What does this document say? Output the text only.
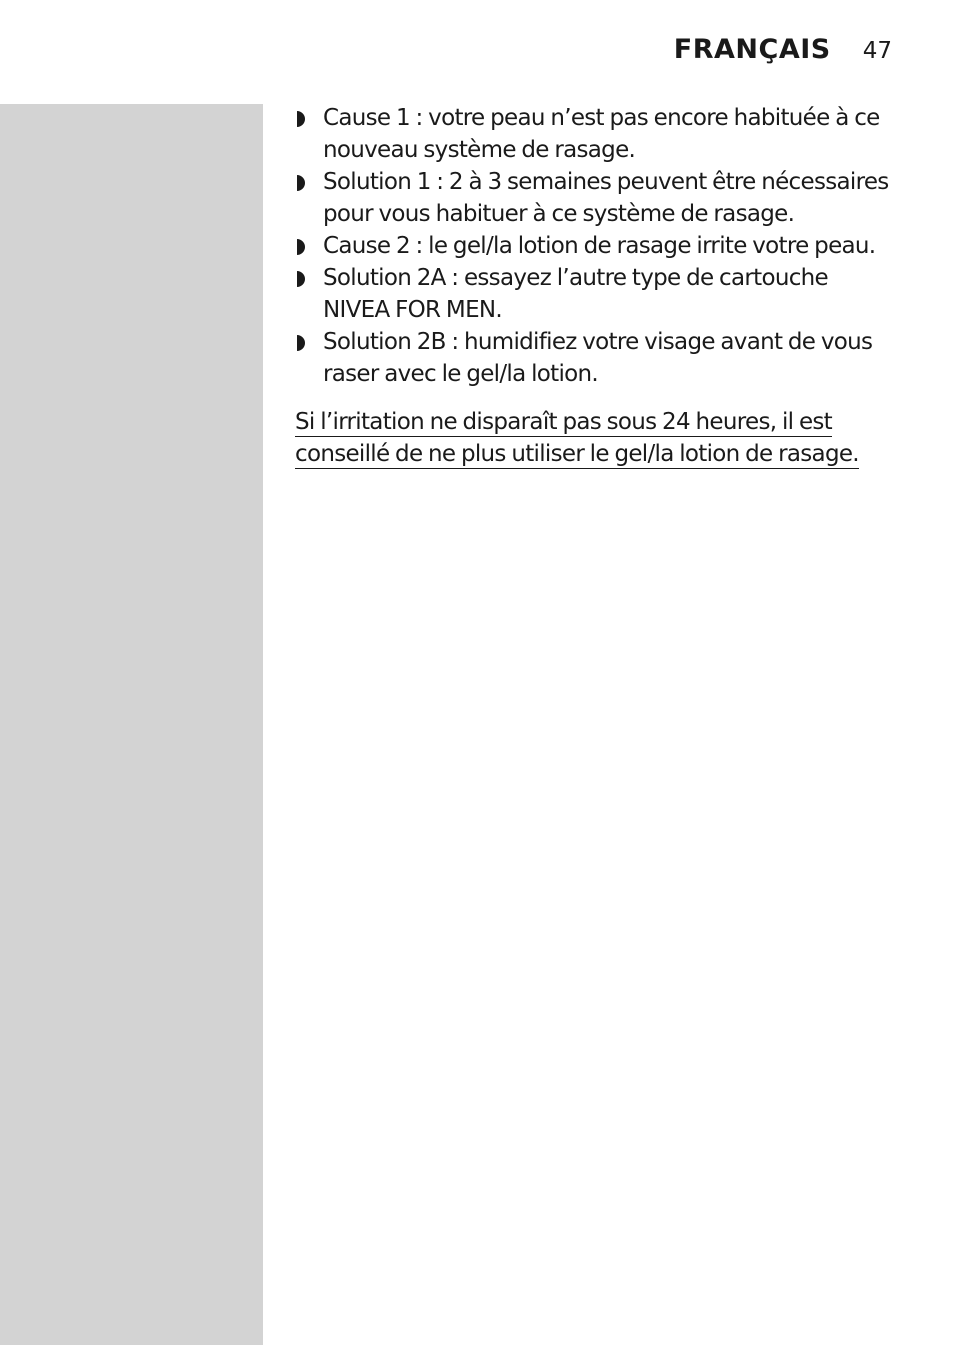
FRANÇAIS 47
Cause 1 : votre peau n’est pas encore habituée à ce nouveau système de rasage.
Solution 1 : 2 à 3 semaines peuvent être nécessaires pour vous habituer à ce système de rasage.
Cause 2 : le gel/la lotion de rasage irrite votre peau.
Solution 2A : essayez l’autre type de cartouche NIVEA FOR MEN.
Solution 2B : humidifiez votre visage avant de vous raser avec le gel/la lotion.

Si l’irritation ne disparaît pas sous 24 heures, il est conseillé de ne plus utiliser le gel/la lotion de rasage.
